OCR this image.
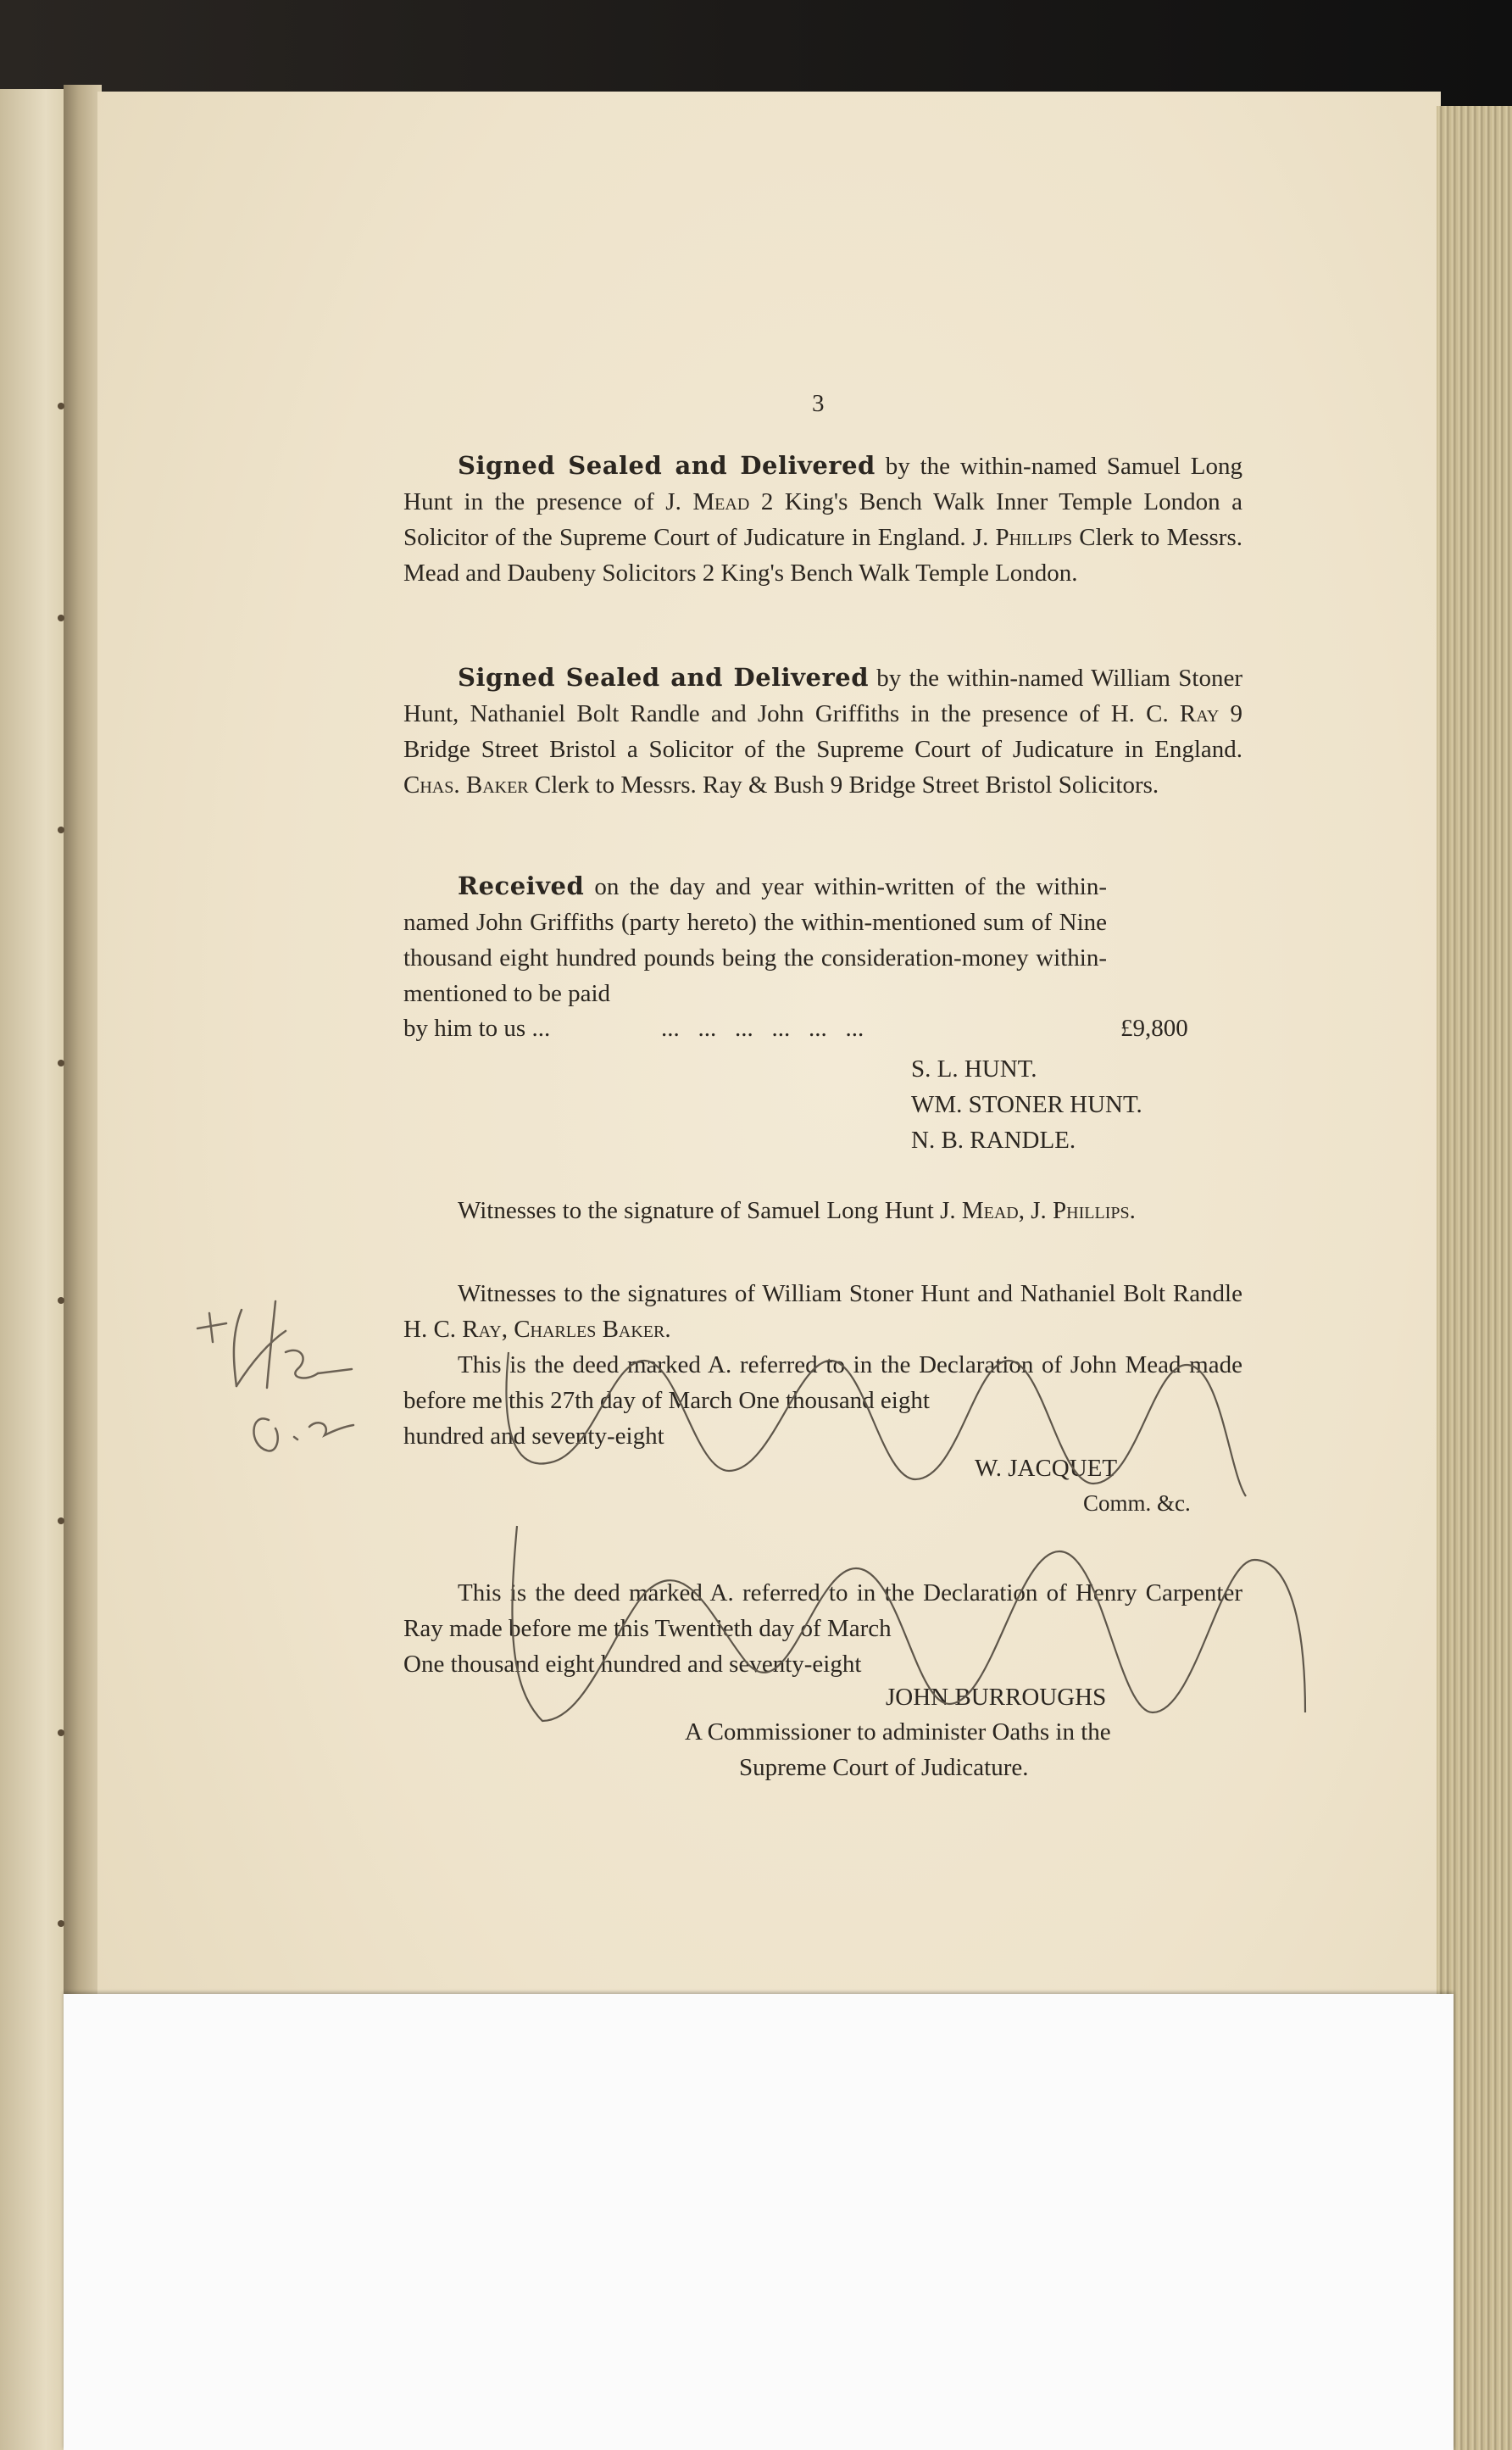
3
Signed Sealed and Delivered by the within-named Samuel Long Hunt in the presence of J. Mead 2 King's Bench Walk Inner Temple London a Solicitor of the Supreme Court of Judicature in England. J. Phillips Clerk to Messrs. Mead and Daubeny Solicitors 2 King's Bench Walk Temple London.
Signed Sealed and Delivered by the within-named William Stoner Hunt, Nathaniel Bolt Randle and John Griffiths in the presence of H. C. Ray 9 Bridge Street Bristol a Solicitor of the Supreme Court of Judicature in England. Chas. Baker Clerk to Messrs. Ray & Bush 9 Bridge Street Bristol Solicitors.
Received on the day and year within-written of the within-named John Griffiths (party hereto) the within-mentioned sum of Nine thousand eight hundred pounds being the consideration-money within-mentioned to be paid
by him to us ...	...   ...   ...   ...   ...   ...	£9,800
S. L. HUNT.
WM. STONER HUNT.
N. B. RANDLE.
Witnesses to the signature of Samuel Long Hunt J. Mead, J. Phillips.
Witnesses to the signatures of William Stoner Hunt and Nathaniel Bolt Randle H. C. Ray, Charles Baker.
This is the deed marked A. referred to in the Declaration of John Mead made before me this 27th day of March One thousand eight
hundred and seventy-eight
W. JACQUET
Comm. &c.
This is the deed marked A. referred to in the Declaration of Henry Carpenter Ray made before me this Twentieth day of March
One thousand eight hundred and seventy-eight
JOHN BURROUGHS
A Commissioner to administer Oaths in the
Supreme Court of Judicature.
